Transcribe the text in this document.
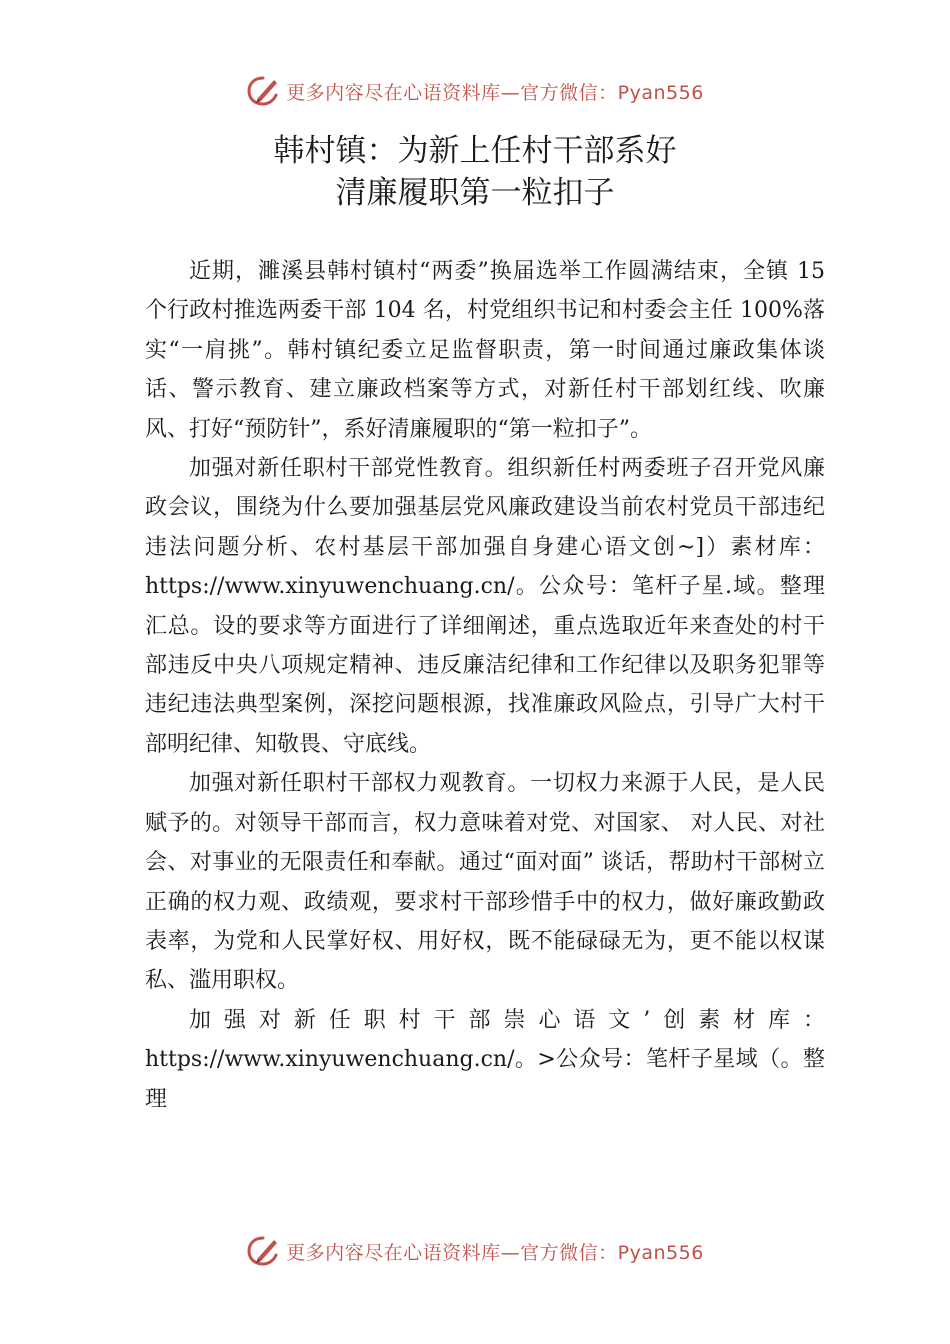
更多内容尽在心语资料库—官方微信：Pyan556
韩村镇：为新上任村干部系好
清廉履职第一粒扣子

近期，濉溪县韩村镇村“两委”换届选举工作圆满结束，全镇 15 个行政村推选两委干部 104 名，村党组织书记和村委会主任 100%落实“一肩挑”。韩村镇纪委立足监督职责，第一时间通过廉政集体谈话、警示教育、建立廉政档案等方式，对新任村干部划红线、吹廉风、打好“预防针”，系好清廉履职的“第一粒扣子”。

加强对新任职村干部党性教育。组织新任村两委班子召开党风廉政会议，围绕为什么要加强基层党风廉政建设当前农村党员干部违纪违法问题分析、农村基层干部加强自身建心语文创~]）素材库：https://www.xinyuwenchuang.cn/。公众号：笔杆子星.域。整理汇总。设的要求等方面进行了详细阐述，重点选取近年来查处的村干部违反中央八项规定精神、违反廉洁纪律和工作纪律以及职务犯罪等违纪违法典型案例，深挖问题根源，找准廉政风险点，引导广大村干部明纪律、知敬畏、守底线。

加强对新任职村干部权力观教育。一切权力来源于人民，是人民赋予的。对领导干部而言，权力意味着对党、对国家、 对人民、对社会、对事业的无限责任和奉献。通过“面对面” 谈话，帮助村干部树立正确的权力观、政绩观，要求村干部珍惜手中的权力，做好廉政勤政表率，为党和人民掌好权、用好权，既不能碌碌无为，更不能以权谋私、滥用职权。

加强对新任职村干部崇心语文’创素材库：https://www.xinyuwenchuang.cn/。>公众号：笔杆子星域（。整理

更多内容尽在心语资料库—官方微信：Pyan556
